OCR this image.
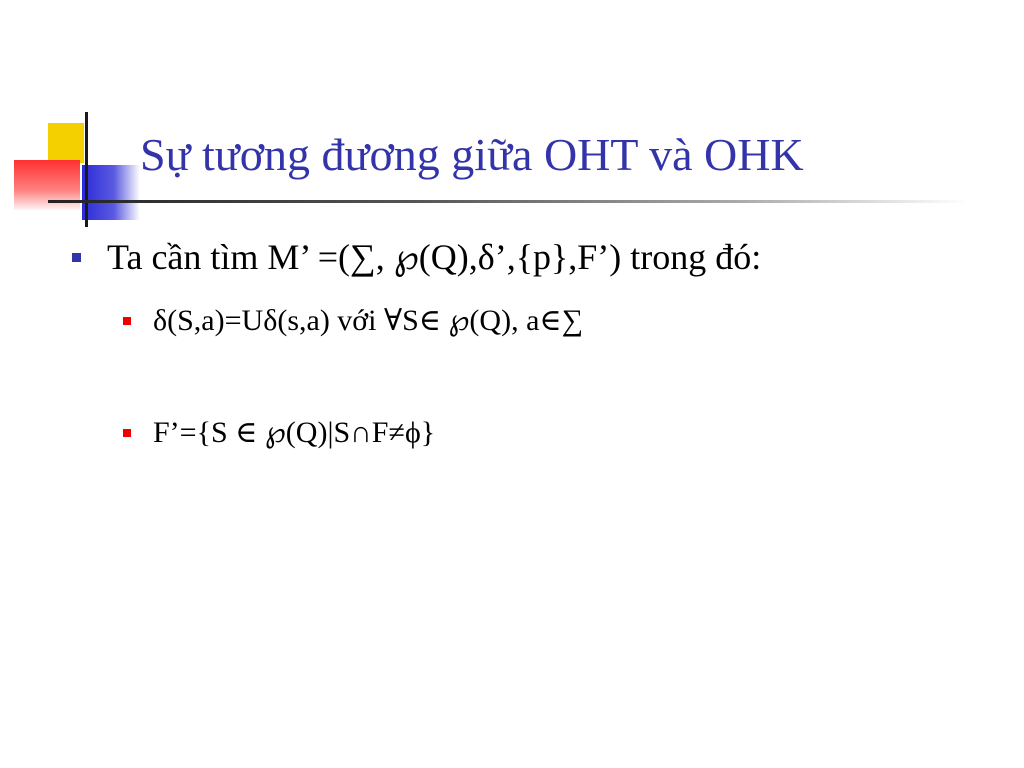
Sự tương đương giữa OHT và OHK
Ta cần tìm M’ =(∑, ℘(Q),δ’,{p},F’) trong đó:
δ(S,a)=Uδ(s,a) với ∀S∈ ℘(Q), a∈∑
F’={S ∈ ℘(Q)|S∩F≠ϕ}
